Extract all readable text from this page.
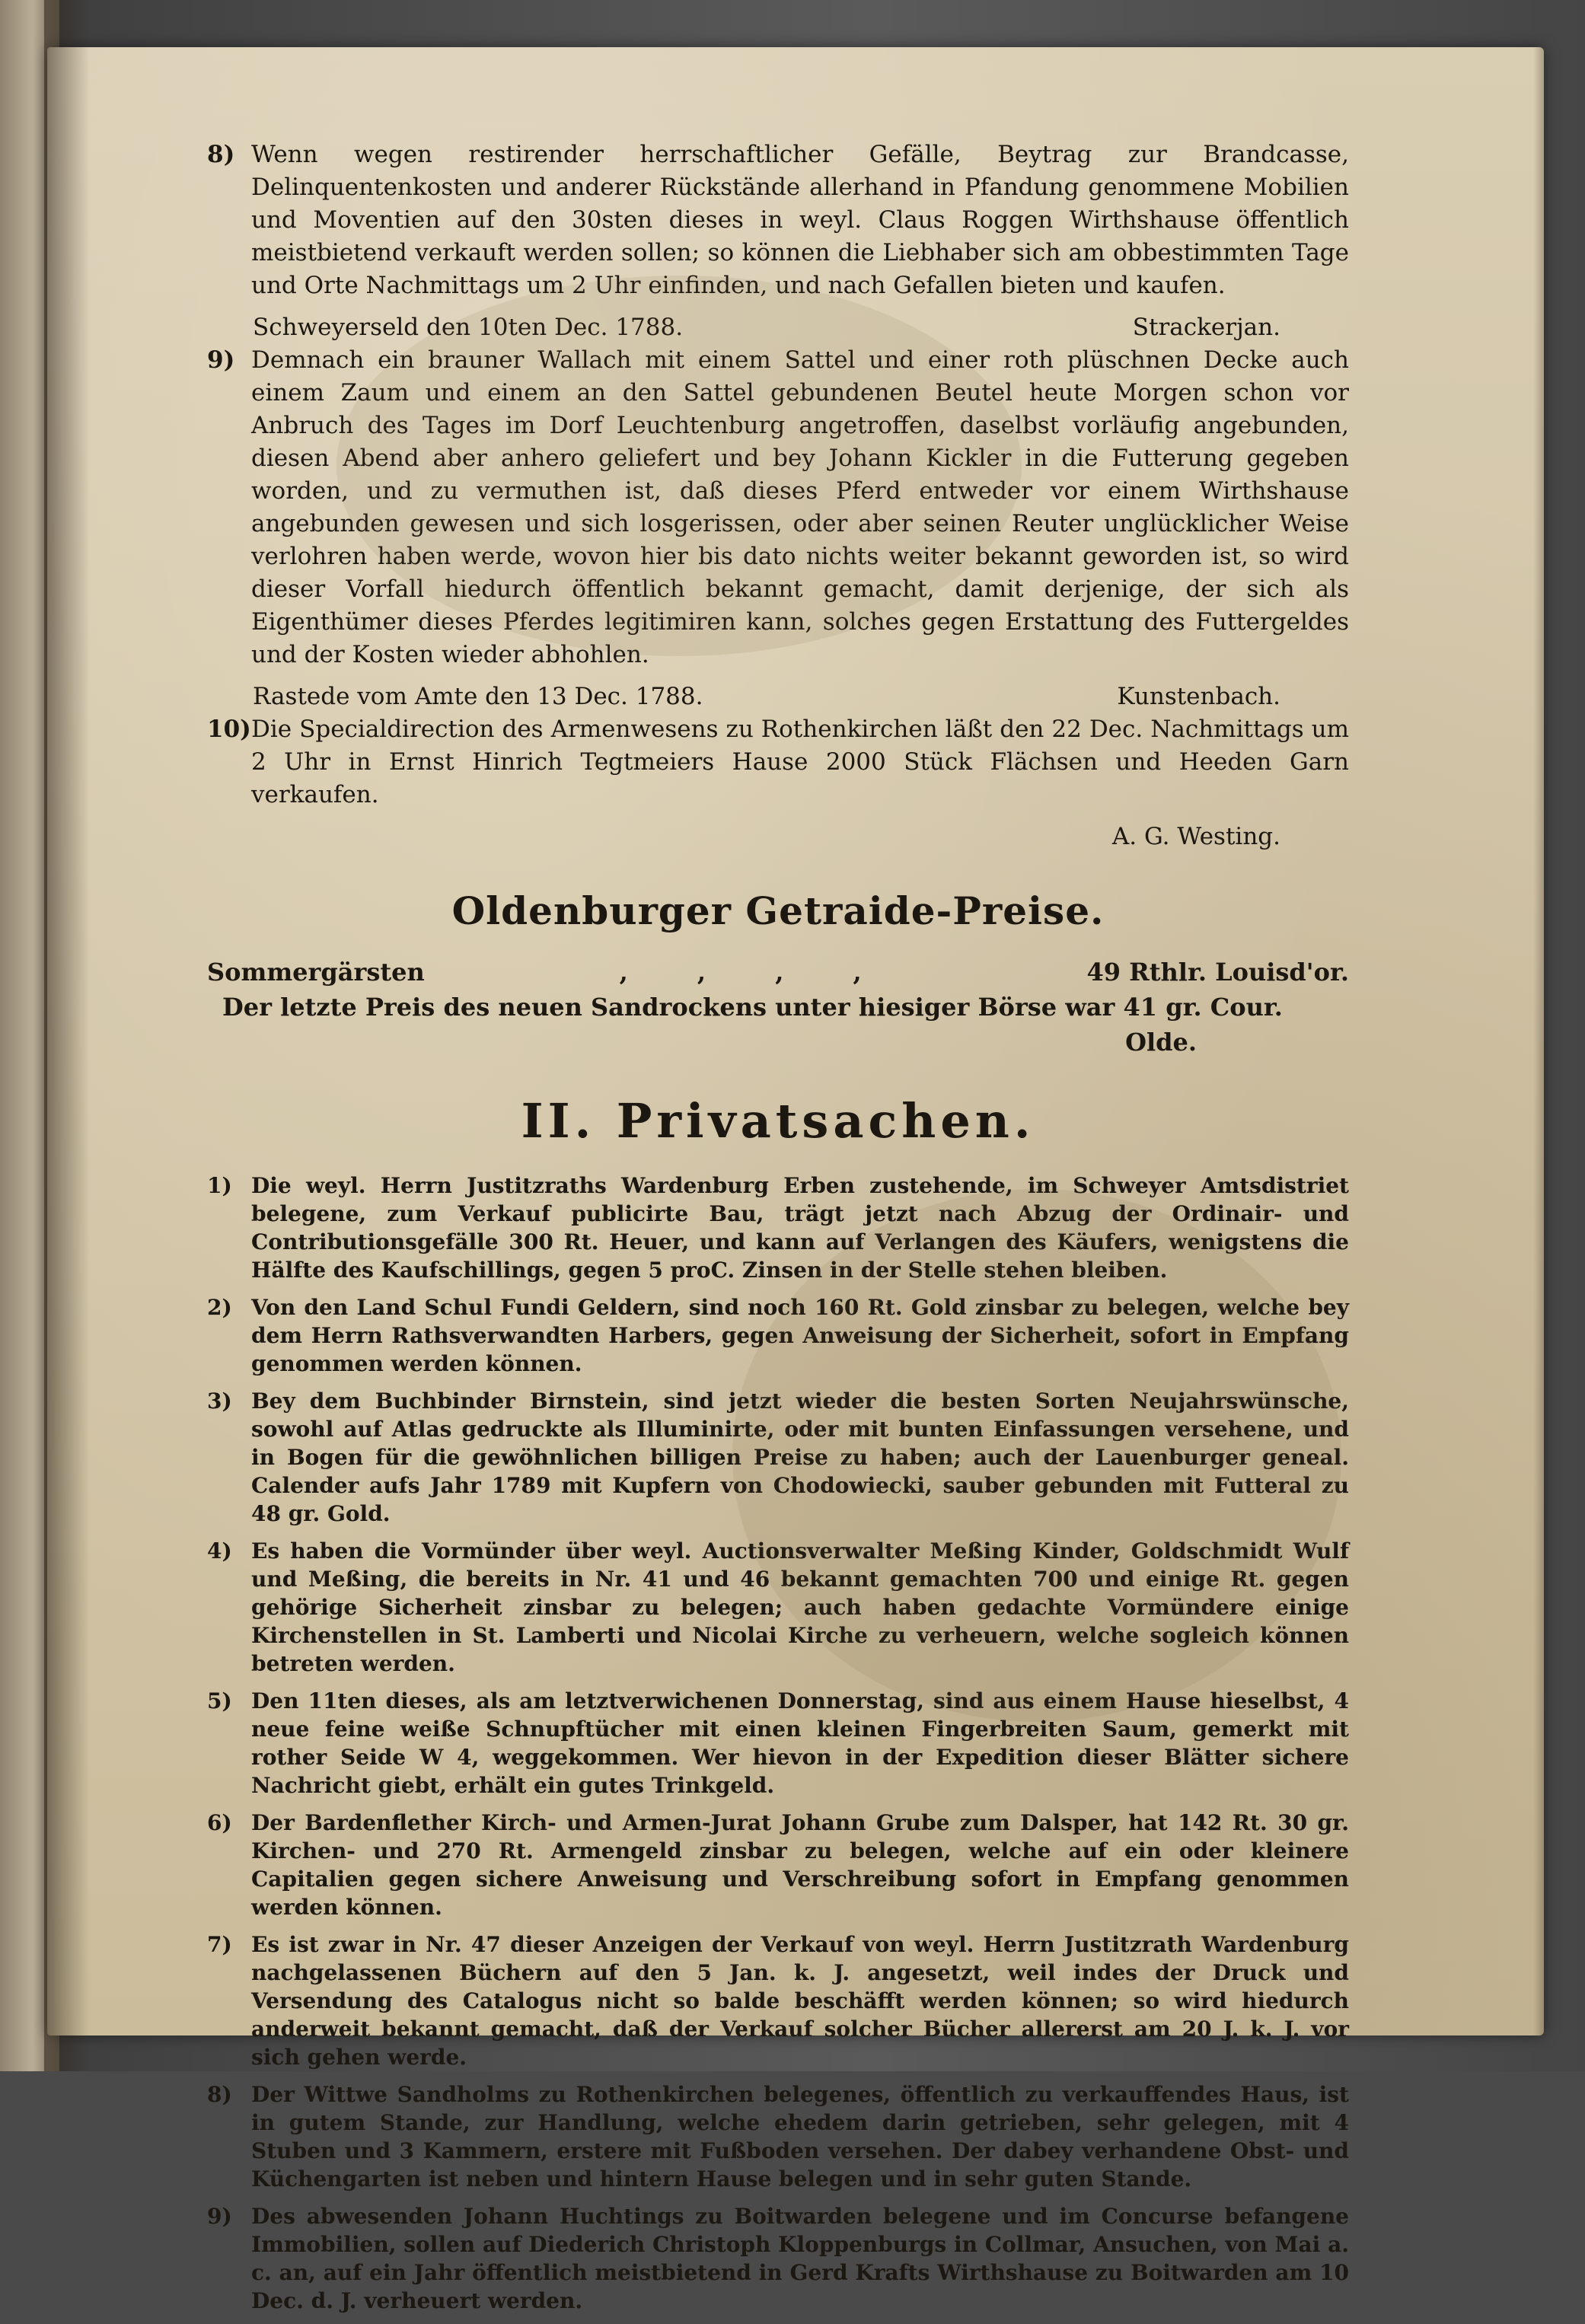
8) Wenn wegen restirender herrschaftlicher Gefälle, Beytrag zur Brandcasse, Delinquentenkosten und anderer Rückstände allerhand in Pfandung genommene Mobilien und Moventien auf den 30sten dieses in weyl. Claus Roggen Wirthshause öffentlich meistbietend verkauft werden sollen; so können die Liebhaber sich am obbestimmten Tage und Orte Nachmittags um 2 Uhr einfinden, und nach Gefallen bieten und kaufen.

Schweyerseld den 10ten Dec. 1788.	Strackerjan.
9) Demnach ein brauner Wallach mit einem Sattel und einer roth plüschnen Decke auch einem Zaum und einem an den Sattel gebundenen Beutel heute Morgen schon vor Anbruch des Tages im Dorf Leuchtenburg angetroffen, daselbst vorläufig angebunden, diesen Abend aber anhero geliefert und bey Johann Kickler in die Futterung gegeben worden, und zu vermuthen ist, daß dieses Pferd entweder vor einem Wirthshause angebunden gewesen und sich losgerissen, oder aber seinen Reuter unglücklicher Weise verlohren haben werde, wovon hier bis dato nichts weiter bekannt geworden ist, so wird dieser Vorfall hiedurch öffentlich bekannt gemacht, damit derjenige, der sich als Eigenthümer dieses Pferdes legitimiren kann, solches gegen Erstattung des Futtergeldes und der Kosten wieder abhohlen.

Rastede vom Amte den 13 Dec. 1788.	Kunstenbach.
10) Die Specialdirection des Armenwesens zu Rothenkirchen läßt den 22 Dec. Nachmittags um 2 Uhr in Ernst Hinrich Tegtmeiers Hause 2000 Stück Flächsen und Heeden Garn verkaufen.

A. G. Westing.
Oldenburger Getraide-Preise.
Sommergärsten	, , , ,	49 Rthlr. Louisd'or.
Der letzte Preis des neuen Sandrockens unter hiesiger Börse war 41 gr. Cour.
Olde.
II. Privatsachen.
1) Die weyl. Herrn Justitzraths Wardenburg Erben zustehende, im Schweyer Amtsdistriet belegene, zum Verkauf publicirte Bau, trägt jetzt nach Abzug der Ordinair- und Contributionsgefälle 300 Rt. Heuer, und kann auf Verlangen des Käufers, wenigstens die Hälfte des Kaufschillings, gegen 5 proC. Zinsen in der Stelle stehen bleiben.

2) Von den Land Schul Fundi Geldern, sind noch 160 Rt. Gold zinsbar zu belegen, welche bey dem Herrn Rathsverwandten Harbers, gegen Anweisung der Sicherheit, sofort in Empfang genommen werden können.

3) Bey dem Buchbinder Birnstein, sind jetzt wieder die besten Sorten Neujahrswünsche, sowohl auf Atlas gedruckte als Illuminirte, oder mit bunten Einfassungen versehene, und in Bogen für die gewöhnlichen billigen Preise zu haben; auch der Lauenburger geneal. Calender aufs Jahr 1789 mit Kupfern von Chodowiecki, sauber gebunden mit Futteral zu 48 gr. Gold.

4) Es haben die Vormünder über weyl. Auctionsverwalter Meßing Kinder, Goldschmidt Wulf und Meßing, die bereits in Nr. 41 und 46 bekannt gemachten 700 und einige Rt. gegen gehörige Sicherheit zinsbar zu belegen; auch haben gedachte Vormündere einige Kirchenstellen in St. Lamberti und Nicolai Kirche zu verheuern, welche sogleich können betreten werden.

5) Den 11ten dieses, als am letztverwichenen Donnerstag, sind aus einem Hause hieselbst, 4 neue feine weiße Schnupftücher mit einen kleinen Fingerbreiten Saum, gemerkt mit rother Seide W 4, weggekommen. Wer hievon in der Expedition dieser Blätter sichere Nachricht giebt, erhält ein gutes Trinkgeld.

6) Der Bardenflether Kirch- und Armen-Jurat Johann Grube zum Dalsper, hat 142 Rt. 30 gr. Kirchen- und 270 Rt. Armengeld zinsbar zu belegen, welche auf ein oder kleinere Capitalien gegen sichere Anweisung und Verschreibung sofort in Empfang genommen werden können.

7) Es ist zwar in Nr. 47 dieser Anzeigen der Verkauf von weyl. Herrn Justitzrath Wardenburg nachgelassenen Büchern auf den 5 Jan. k. J. angesetzt, weil indes der Druck und Versendung des Catalogus nicht so balde beschäfft werden können; so wird hiedurch anderweit bekannt gemacht, daß der Verkauf solcher Bücher allererst am 20 J. k. J. vor sich gehen werde.

8) Der Wittwe Sandholms zu Rothenkirchen belegenes, öffentlich zu verkauffendes Haus, ist in gutem Stande, zur Handlung, welche ehedem darin getrieben, sehr gelegen, mit 4 Stuben und 3 Kammern, erstere mit Fußboden versehen. Der dabey verhandene Obst- und Küchengarten ist neben und hintern Hause belegen und in sehr guten Stande.

9) Des abwesenden Johann Huchtings zu Boitwarden belegene und im Concurse befangene Immobilien, sollen auf Diederich Christoph Kloppenburgs in Collmar, Ansuchen, von Mai a. c. an, auf ein Jahr öffentlich meistbietend in Gerd Krafts Wirthshause zu Boitwarden am 10 Dec. d. J. verheuert werden.
